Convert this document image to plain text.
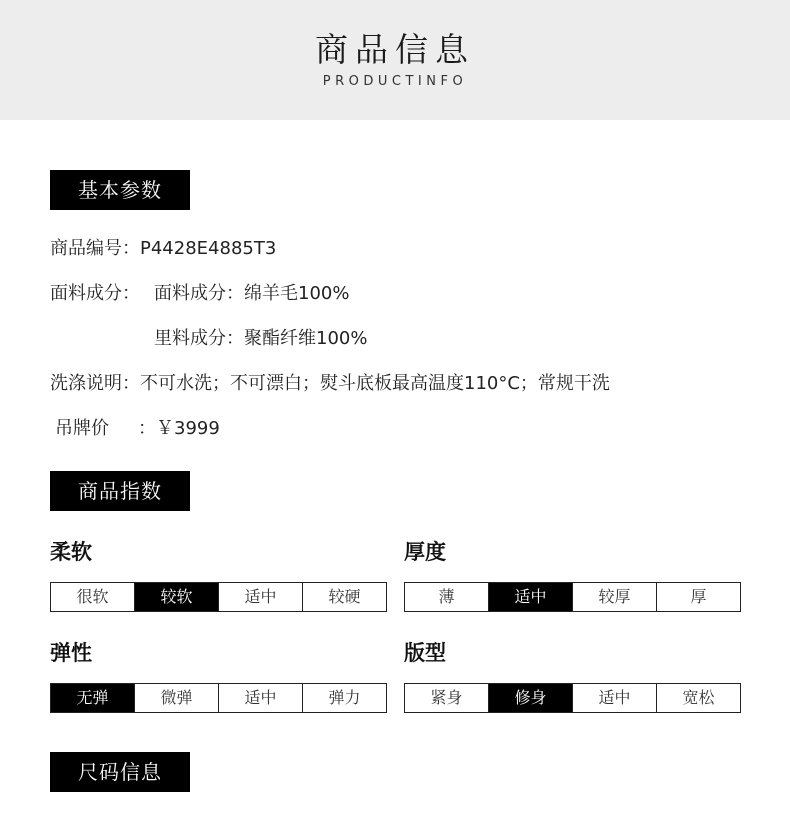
商品信息
PRODUCTINFO
基本参数
商品编号：P4428E4885T3
面料成分： 面料成分：绵羊毛100%
里料成分：聚酯纤维100%
洗涤说明：不可水洗；不可漂白；熨斗底板最高温度110°C；常规干洗
吊牌价 ：￥3999
商品指数
柔软
很软	较软	适中	较硬
厚度
薄	适中	较厚	厚
弹性
无弹	微弹	适中	弹力
版型
紧身	修身	适中	宽松
尺码信息
